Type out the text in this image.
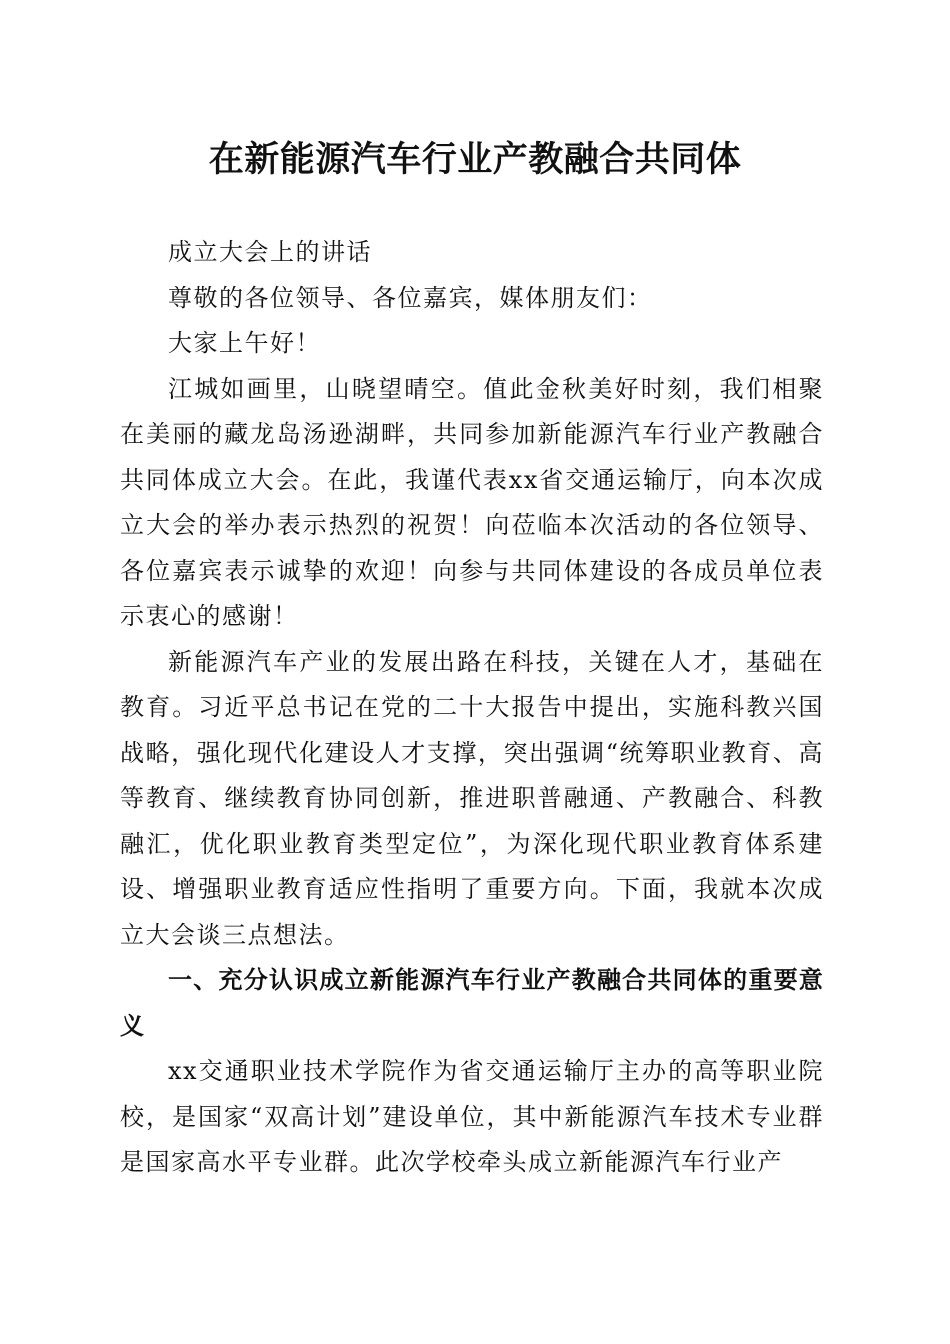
在新能源汽车行业产教融合共同体

成立大会上的讲话

尊敬的各位领导、各位嘉宾，媒体朋友们：

大家上午好！

江城如画里，山晓望晴空。值此金秋美好时刻，我们相聚在美丽的藏龙岛汤逊湖畔，共同参加新能源汽车行业产教融合共同体成立大会。在此，我谨代表xx省交通运输厅，向本次成立大会的举办表示热烈的祝贺！向莅临本次活动的各位领导、各位嘉宾表示诚挚的欢迎！向参与共同体建设的各成员单位表示衷心的感谢！

新能源汽车产业的发展出路在科技，关键在人才，基础在教育。习近平总书记在党的二十大报告中提出，实施科教兴国战略，强化现代化建设人才支撑，突出强调“统筹职业教育、高等教育、继续教育协同创新，推进职普融通、产教融合、科教融汇，优化职业教育类型定位”，为深化现代职业教育体系建设、增强职业教育适应性指明了重要方向。下面，我就本次成立大会谈三点想法。

一、充分认识成立新能源汽车行业产教融合共同体的重要意义

xx交通职业技术学院作为省交通运输厅主办的高等职业院校，是国家“双高计划”建设单位，其中新能源汽车技术专业群是国家高水平专业群。此次学校牵头成立新能源汽车行业产
